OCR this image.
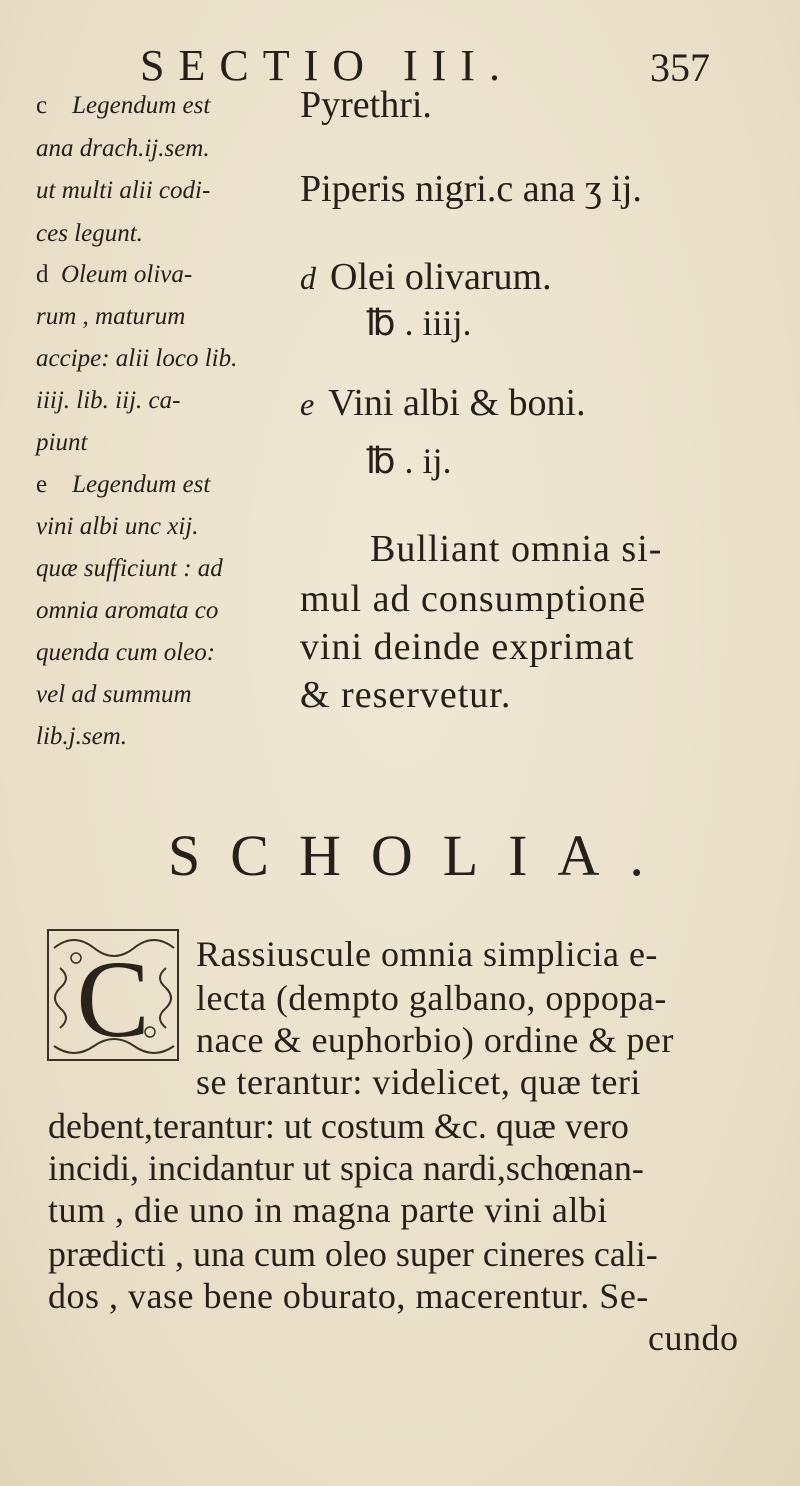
SECTIO III.	357
c Legendum est
ana drach.ij.sem.
ut multi alii codi-
ces legunt.
d Oleum oliva-
rum , maturum
accipe: alii loco lib.
iiij. lib. iij. ca-
piunt
e Legendum est
vini albi unc xij.
quæ sufficiunt : ad
omnia aromata co
quenda cum oleo:
vel ad summum
lib.j.sem.
Pyrethri.
Piperis nigri.c ana ʒ ij.
d Olei olivarum.
℔ . iiij.
e Vini albi & boni.
℔ . ij.
Bulliant omnia si-
mul ad consumptionē
vini deinde exprimat
& reservetur.
SCHOLIA.
C Rassiuscule omnia simplicia e-
lecta (dempto galbano, oppopa-
nace & euphorbio) ordine & per
se terantur: videlicet, quæ teri
debent,terantur: ut costum &c. quæ vero
incidi, incidantur ut spica nardi,schœnan-
tum , die uno in magna parte vini albi
prædicti , una cum oleo super cineres cali-
dos , vase bene oburato, macerentur. Se-
cundo
